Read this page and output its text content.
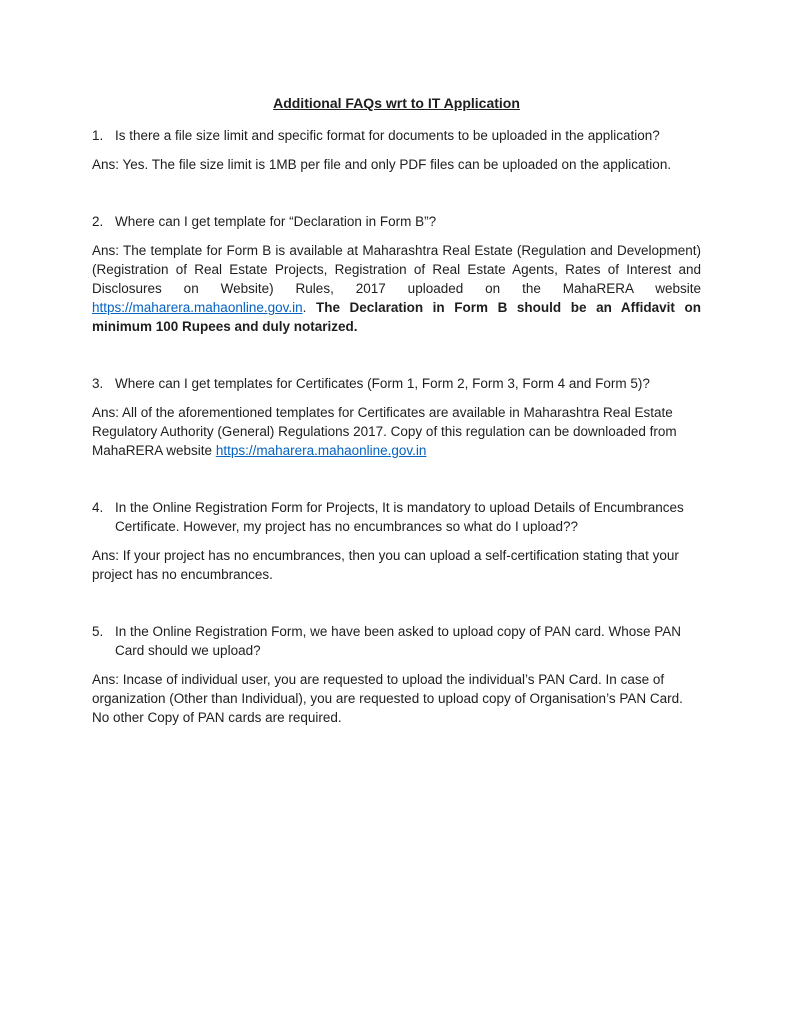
Additional FAQs wrt to IT Application
1. Is there a file size limit and specific format for documents to be uploaded in the application?

Ans: Yes. The file size limit is 1MB per file and only PDF files can be uploaded on the application.

2. Where can I get template for “Declaration in Form B”?

Ans: The template for Form B is available at Maharashtra Real Estate (Regulation and Development)(Registration of Real Estate Projects, Registration of Real Estate Agents, Rates of Interest and Disclosures on Website) Rules, 2017 uploaded on the MahaRERA website https://maharera.mahaonline.gov.in. The Declaration in Form B should be an Affidavit on minimum 100 Rupees and duly notarized.

3. Where can I get templates for Certificates (Form 1, Form 2, Form 3, Form 4 and Form 5)?

Ans: All of the aforementioned templates for Certificates are available in Maharashtra Real Estate Regulatory Authority (General) Regulations 2017. Copy of this regulation can be downloaded from MahaRERA website https://maharera.mahaonline.gov.in

4. In the Online Registration Form for Projects, It is mandatory to upload Details of Encumbrances Certificate. However, my project has no encumbrances so what do I upload??

Ans: If your project has no encumbrances, then you can upload a self-certification stating that your project has no encumbrances.

5. In the Online Registration Form, we have been asked to upload copy of PAN card. Whose PAN Card should we upload?

Ans: Incase of individual user, you are requested to upload the individual’s PAN Card. In case of organization (Other than Individual), you are requested to upload copy of Organisation’s PAN Card. No other Copy of PAN cards are required.
